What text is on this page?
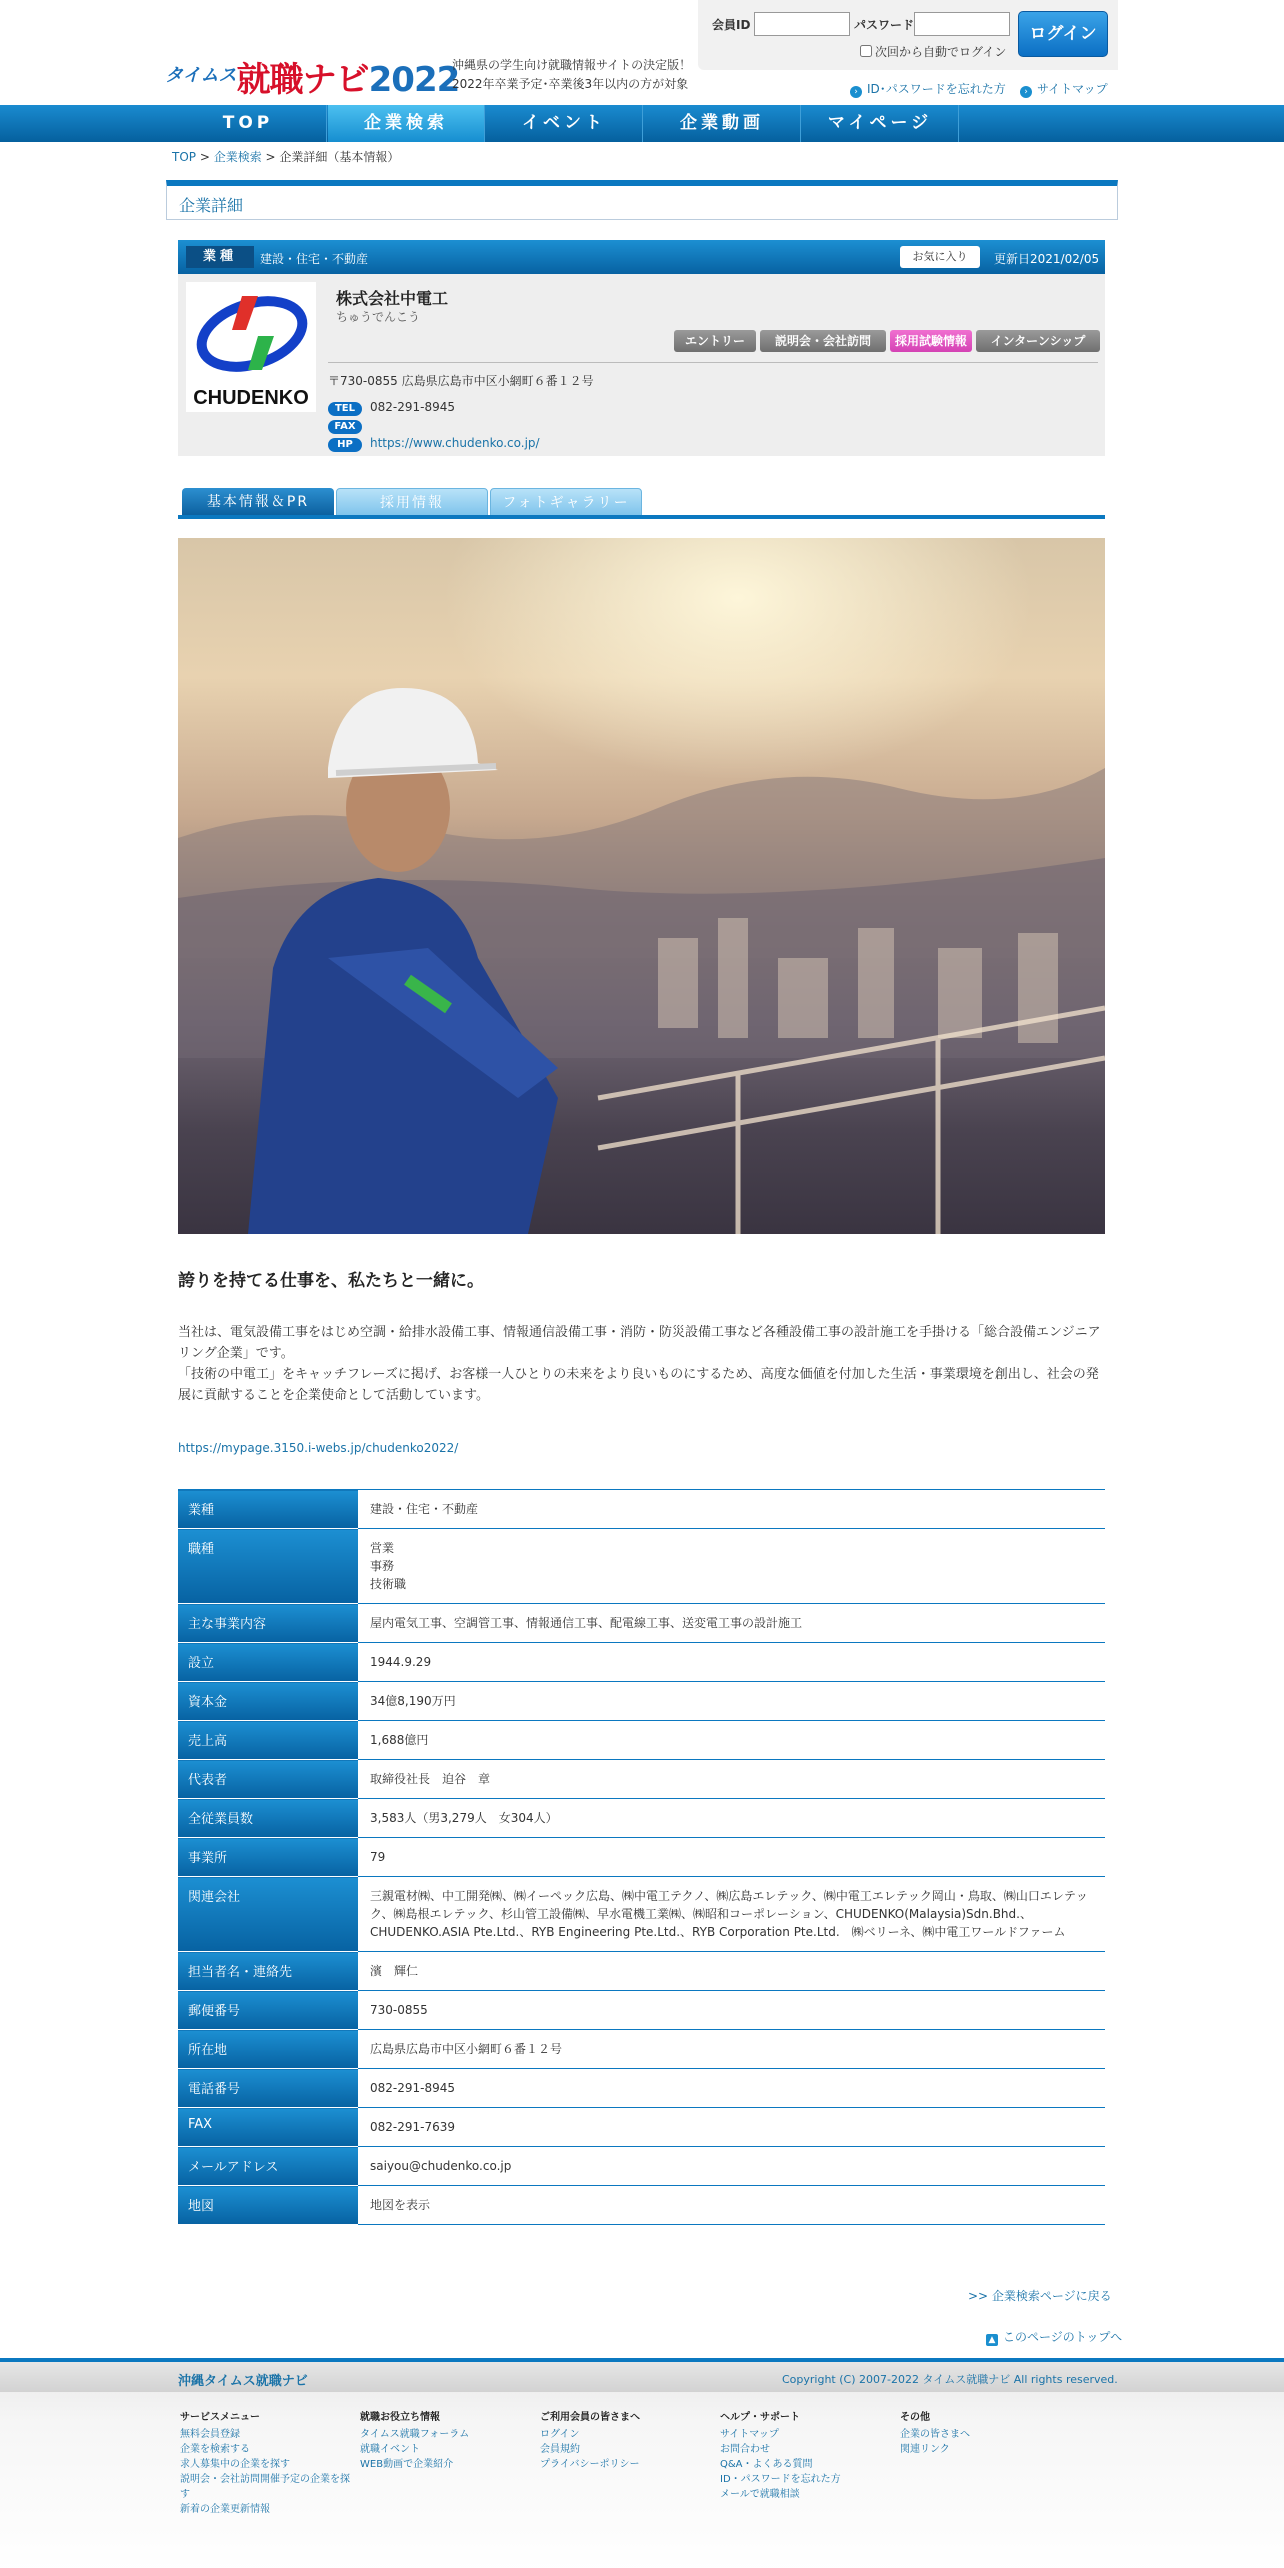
タイムス就職ナビ2022
沖縄県の学生向け就職情報サイトの決定版！
2022年卒業予定･卒業後3年以内の方が対象
会員ID	パスワード
次回から自動でログイン
ログイン
› ID･パスワードを忘れた方	› サイトマップ
TOP	企業検索	イベント	企業動画	マイページ
TOP > 企業検索 > 企業詳細（基本情報）
企業詳細
業種	建設・住宅・不動産	お気に入り	更新日2021/02/05
CHUDENKO
株式会社中電工
ちゅうでんこう
エントリー	説明会・会社訪問	採用試験情報	インターンシップ
〒730-0855 広島県広島市中区小網町６番１２号
TEL 082-291-8945
FAX
HP https://www.chudenko.co.jp/
基本情報＆PR	採用情報	フォトギャラリー
誇りを持てる仕事を、私たちと一緒に。
当社は、電気設備工事をはじめ空調・給排水設備工事、情報通信設備工事・消防・防災設備工事など各種設備工事の設計施工を手掛ける「総合設備エンジニアリング企業」です。
「技術の中電工」をキャッチフレーズに掲げ、お客様一人ひとりの未来をより良いものにするため、高度な価値を付加した生活・事業環境を創出し、社会の発展に貢献することを企業使命として活動しています。
https://mypage.3150.i-webs.jp/chudenko2022/
業種	建設・住宅・不動産
職種	営業
事務
技術職
主な事業内容	屋内電気工事、空調管工事、情報通信工事、配電線工事、送変電工事の設計施工
設立	1944.9.29
資本金	34億8,190万円
売上高	1,688億円
代表者	取締役社長　迫谷　章
全従業員数	3,583人（男3,279人　女304人）
事業所	79
関連会社	三親電材㈱、中工開発㈱、㈱イーペック広島、㈱中電工テクノ、㈱広島エレテック、㈱中電工エレテック岡山・鳥取、㈱山口エレテック、㈱島根エレテック、杉山管工設備㈱、早水電機工業㈱、㈱昭和コーポレーション、CHUDENKO(Malaysia)Sdn.Bhd.、CHUDENKO.ASIA Pte.Ltd.、RYB Engineering Pte.Ltd.、RYB Corporation Pte.Ltd.　㈱ベリーネ、㈱中電工ワールドファーム
担当者名・連絡先	濱　輝仁
郵便番号	730-0855
所在地	広島県広島市中区小網町６番１２号
電話番号	082-291-8945
FAX	082-291-7639
メールアドレス	saiyou@chudenko.co.jp
地図	地図を表示
>> 企業検索ページに戻る
▲ このページのトップへ
沖縄タイムス就職ナビ	Copyright (C) 2007-2022 タイムス就職ナビ All rights reserved.
サービスメニュー
無料会員登録
企業を検索する
求人募集中の企業を探す
説明会・会社訪問開催予定の企業を探す
新着の企業更新情報
就職お役立ち情報
タイムス就職フォーラム
就職イベント
WEB動画で企業紹介
ご利用会員の皆さまへ
ログイン
会員規約
プライバシーポリシー
ヘルプ・サポート
サイトマップ
お問合わせ
Q&A・よくある質問
ID・パスワードを忘れた方
メールで就職相談
その他
企業の皆さまへ
関連リンク
